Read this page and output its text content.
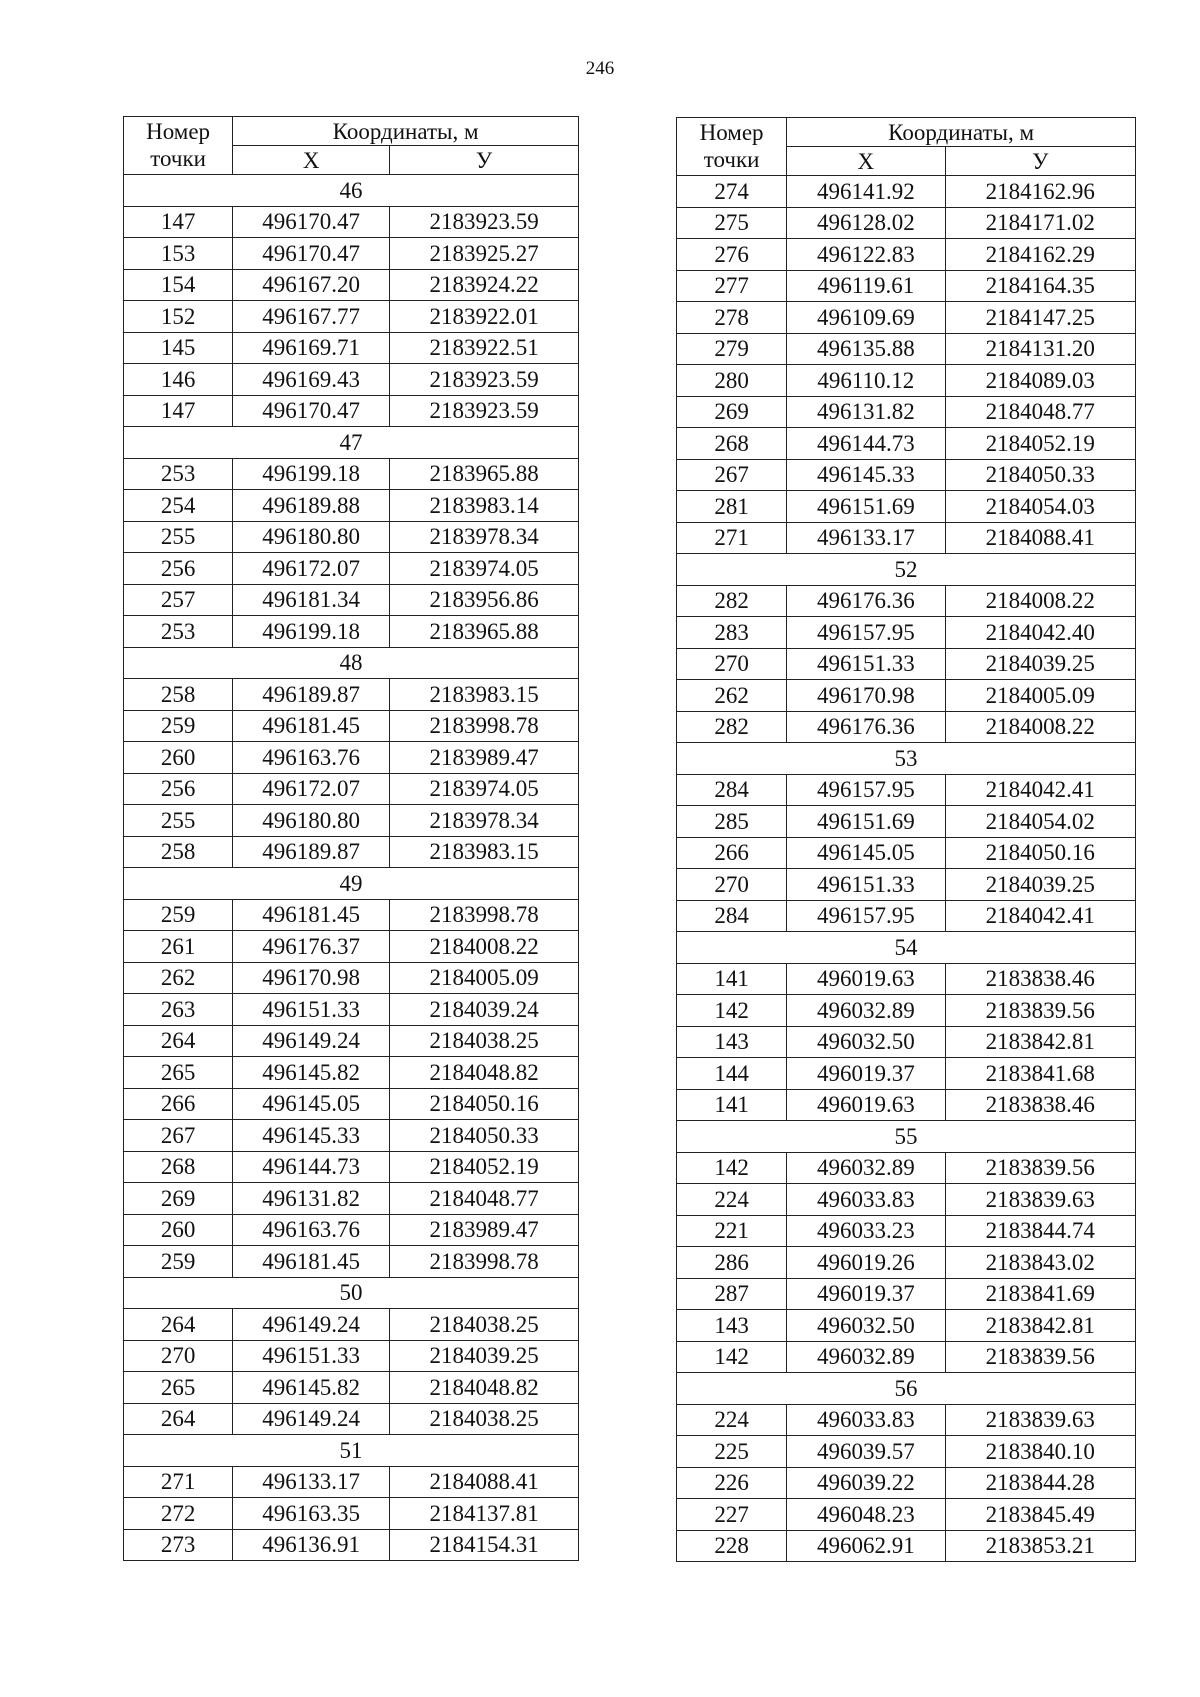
246
Номер точки	Координаты, м	
	Х	У
46		
147	496170.47	2183923.59
153	496170.47	2183925.27
154	496167.20	2183924.22
152	496167.77	2183922.01
145	496169.71	2183922.51
146	496169.43	2183923.59
147	496170.47	2183923.59
47		
253	496199.18	2183965.88
254	496189.88	2183983.14
255	496180.80	2183978.34
256	496172.07	2183974.05
257	496181.34	2183956.86
253	496199.18	2183965.88
48		
258	496189.87	2183983.15
259	496181.45	2183998.78
260	496163.76	2183989.47
256	496172.07	2183974.05
255	496180.80	2183978.34
258	496189.87	2183983.15
49		
259	496181.45	2183998.78
261	496176.37	2184008.22
262	496170.98	2184005.09
263	496151.33	2184039.24
264	496149.24	2184038.25
265	496145.82	2184048.82
266	496145.05	2184050.16
267	496145.33	2184050.33
268	496144.73	2184052.19
269	496131.82	2184048.77
260	496163.76	2183989.47
259	496181.45	2183998.78
50		
264	496149.24	2184038.25
270	496151.33	2184039.25
265	496145.82	2184048.82
264	496149.24	2184038.25
51		
271	496133.17	2184088.41
272	496163.35	2184137.81
273	496136.91	2184154.31
Номер точки	Координаты, м	
	Х	У
274	496141.92	2184162.96
275	496128.02	2184171.02
276	496122.83	2184162.29
277	496119.61	2184164.35
278	496109.69	2184147.25
279	496135.88	2184131.20
280	496110.12	2184089.03
269	496131.82	2184048.77
268	496144.73	2184052.19
267	496145.33	2184050.33
281	496151.69	2184054.03
271	496133.17	2184088.41
52		
282	496176.36	2184008.22
283	496157.95	2184042.40
270	496151.33	2184039.25
262	496170.98	2184005.09
282	496176.36	2184008.22
53		
284	496157.95	2184042.41
285	496151.69	2184054.02
266	496145.05	2184050.16
270	496151.33	2184039.25
284	496157.95	2184042.41
54		
141	496019.63	2183838.46
142	496032.89	2183839.56
143	496032.50	2183842.81
144	496019.37	2183841.68
141	496019.63	2183838.46
55		
142	496032.89	2183839.56
224	496033.83	2183839.63
221	496033.23	2183844.74
286	496019.26	2183843.02
287	496019.37	2183841.69
143	496032.50	2183842.81
142	496032.89	2183839.56
56		
224	496033.83	2183839.63
225	496039.57	2183840.10
226	496039.22	2183844.28
227	496048.23	2183845.49
228	496062.91	2183853.21
